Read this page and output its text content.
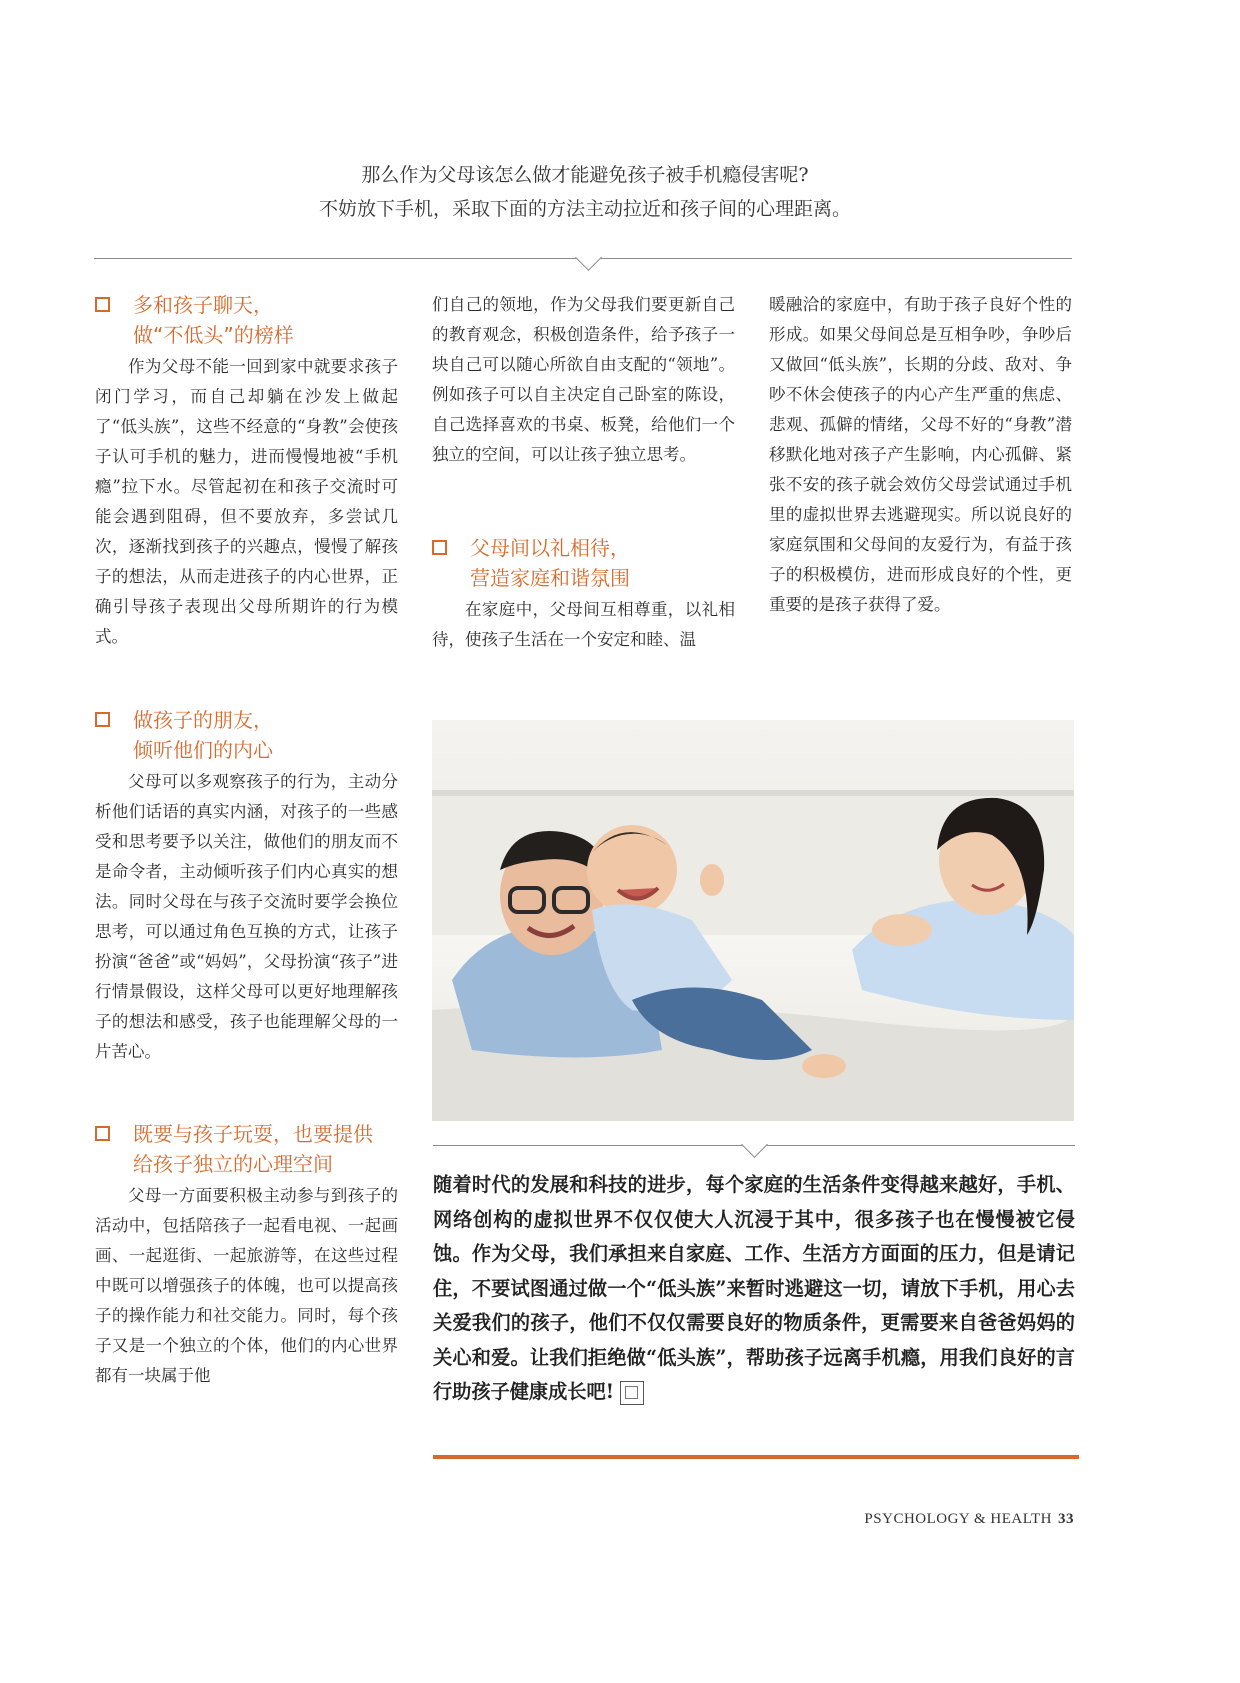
那么作为父母该怎么做才能避免孩子被手机瘾侵害呢?
不妨放下手机，采取下面的方法主动拉近和孩子间的心理距离。
多和孩子聊天，
做“不低头”的榜样

作为父母不能一回到家中就要求孩子闭门学习，而自己却躺在沙发上做起了“低头族”，这些不经意的“身教”会使孩子认可手机的魅力，进而慢慢地被“手机瘾”拉下水。尽管起初在和孩子交流时可能会遇到阻碍，但不要放弃，多尝试几次，逐渐找到孩子的兴趣点，慢慢了解孩子的想法，从而走进孩子的内心世界，正确引导孩子表现出父母所期许的行为模式。

做孩子的朋友，
倾听他们的内心

父母可以多观察孩子的行为，主动分析他们话语的真实内涵，对孩子的一些感受和思考要予以关注，做他们的朋友而不是命令者，主动倾听孩子们内心真实的想法。同时父母在与孩子交流时要学会换位思考，可以通过角色互换的方式，让孩子扮演“爸爸”或“妈妈”，父母扮演“孩子”进行情景假设，这样父母可以更好地理解孩子的想法和感受，孩子也能理解父母的一片苦心。

既要与孩子玩耍，也要提供
给孩子独立的心理空间

父母一方面要积极主动参与到孩子的活动中，包括陪孩子一起看电视、一起画画、一起逛街、一起旅游等，在这些过程中既可以增强孩子的体魄，也可以提高孩子的操作能力和社交能力。同时，每个孩子又是一个独立的个体，他们的内心世界都有一块属于他

们自己的领地，作为父母我们要更新自己的教育观念，积极创造条件，给予孩子一块自己可以随心所欲自由支配的“领地”。例如孩子可以自主决定自己卧室的陈设，自己选择喜欢的书桌、板凳，给他们一个独立的空间，可以让孩子独立思考。

父母间以礼相待，
营造家庭和谐氛围

在家庭中，父母间互相尊重，以礼相待，使孩子生活在一个安定和睦、温

暖融洽的家庭中，有助于孩子良好个性的形成。如果父母间总是互相争吵，争吵后又做回“低头族”，长期的分歧、敌对、争吵不休会使孩子的内心产生严重的焦虑、悲观、孤僻的情绪，父母不好的“身教”潜移默化地对孩子产生影响，内心孤僻、紧张不安的孩子就会效仿父母尝试通过手机里的虚拟世界去逃避现实。所以说良好的家庭氛围和父母间的友爱行为，有益于孩子的积极模仿，进而形成良好的个性，更重要的是孩子获得了爱。

随着时代的发展和科技的进步，每个家庭的生活条件变得越来越好，手机、网络创构的虚拟世界不仅仅使大人沉浸于其中，很多孩子也在慢慢被它侵蚀。作为父母，我们承担来自家庭、工作、生活方方面面的压力，但是请记住，不要试图通过做一个“低头族”来暂时逃避这一切，请放下手机，用心去关爱我们的孩子，他们不仅仅需要良好的物质条件，更需要来自爸爸妈妈的关心和爱。让我们拒绝做“低头族”，帮助孩子远离手机瘾，用我们良好的言行助孩子健康成长吧!
PSYCHOLOGY & HEALTH 33
